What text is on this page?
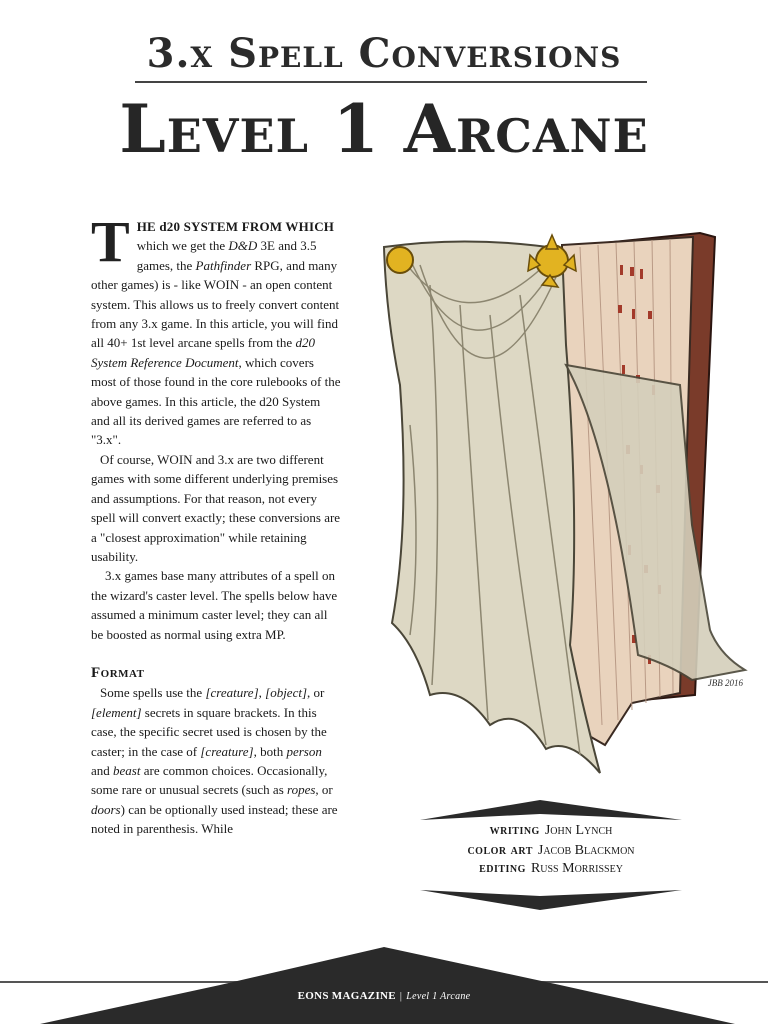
3.x Spell Conversions
Level 1 Arcane

THE d20 SYSTEM FROM WHICH which we get the D&D 3E and 3.5 games, the Pathfinder RPG, and many other games) is - like WOIN - an open content system. This allows us to freely convert content from any 3.x game. In this article, you will find all 40+ 1st level arcane spells from the d20 System Reference Document, which covers most of those found in the core rulebooks of the above games. In this article, the d20 System and all its derived games are referred to as "3.x".

Of course, WOIN and 3.x are two different games with some different underlying premises and assumptions. For that reason, not every spell will convert exactly; these conversions are a "closest approximation" while retaining usability.

3.x games base many attributes of a spell on the wizard's caster level. The spells below have assumed a minimum caster level; they can all be boosted as normal using extra MP.

Format

Some spells use the [creature], [object], or [element] secrets in square brackets. In this case, the specific secret used is chosen by the caster; in the case of [creature], both person and beast are common choices. Occasionally, some rare or unusual secrets (such as ropes, or doors) can be optionally used instead; these are noted in parenthesis. While

JBB 2016
writing John Lynch
color art Jacob Blackmon
editing Russ Morrissey
EONS MAGAZINE | Level 1 Arcane
